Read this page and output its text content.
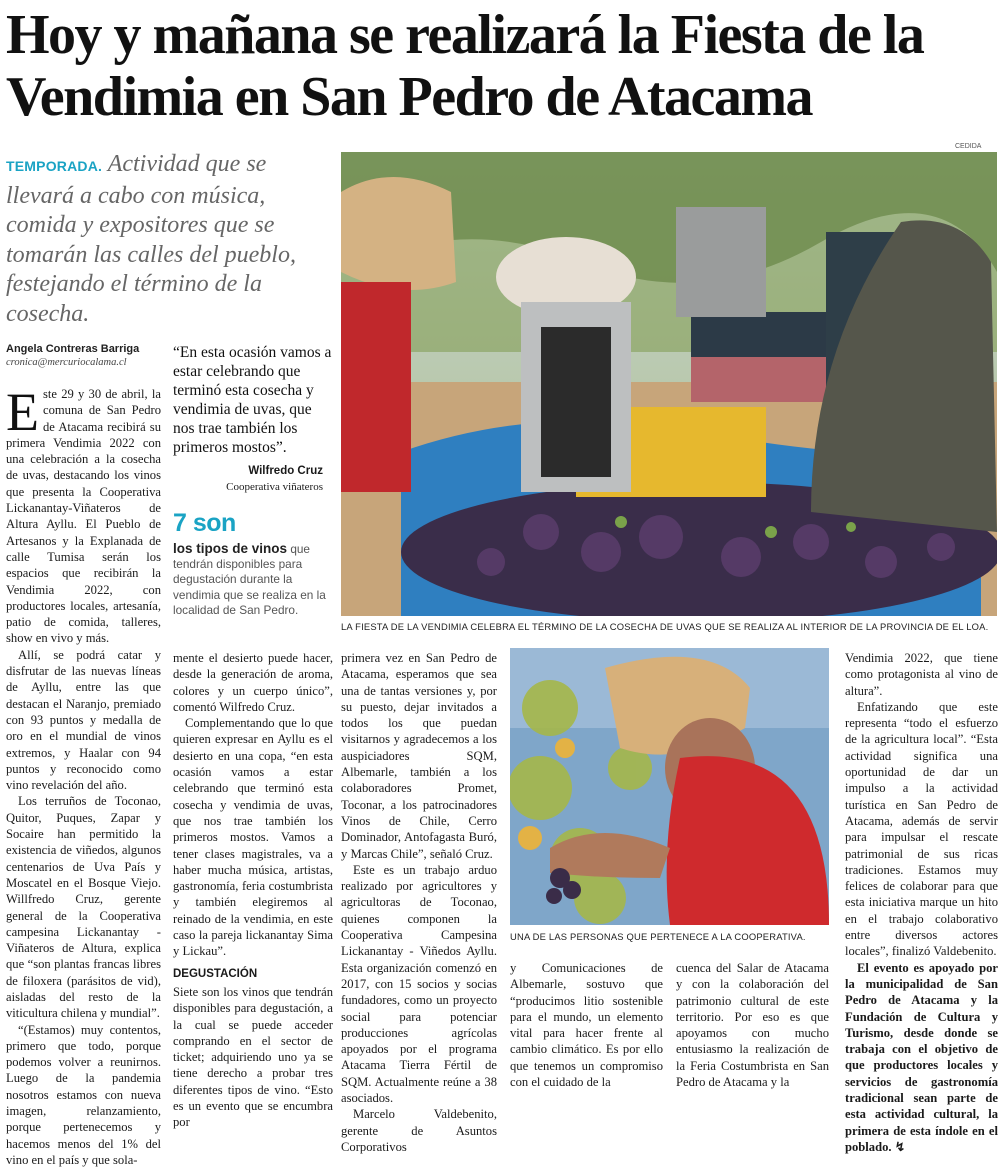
Hoy y mañana se realizará la Fiesta de la Vendimia en San Pedro de Atacama
TEMPORADA. Actividad que se llevará a cabo con música, comida y expositores que se tomarán las calles del pueblo, festejando el término de la cosecha.
Angela Contreras Barriga
cronica@mercuriocalama.cl

Este 29 y 30 de abril, la comuna de San Pedro de Atacama recibirá su primera Vendimia 2022 con una celebración a la cosecha de uvas, destacando los vinos que presenta la Cooperativa Lickanantay-Viñateros de Altura Ayllu. El Pueblo de Artesanos y la Explanada de calle Tumisa serán los espacios que recibirán la Vendimia 2022, con productores locales, artesanía, patio de comida, talleres, show en vivo y más.

Allí, se podrá catar y disfrutar de las nuevas líneas de Ayllu, entre las que destacan el Naranjo, premiado con 93 puntos y medalla de oro en el mundial de vinos extremos, y Haalar con 94 puntos y reconocido como vino revelación del año.

Los terruños de Toconao, Quitor, Puques, Zapar y Socaire han permitido la existencia de viñedos, algunos centenarios de Uva País y Moscatel en el Bosque Viejo. Willfredo Cruz, gerente general de la Cooperativa campesina Lickanantay - Viñateros de Altura, explica que “son plantas francas libres de filoxera (parásitos de vid), aisladas del resto de la viticultura chilena y mundial”.

“(Estamos) muy contentos, primero que todo, porque podemos volver a reunirnos. Luego de la pandemia nosotros estamos con nueva imagen, relanzamiento, porque pertenecemos y hacemos menos del 1% del vino en el país y que sola-

“En esta ocasión vamos a estar celebrando que terminó esta cosecha y vendimia de uvas, que nos trae también los primeros mostos”.
Wilfredo Cruz
Cooperativa viñateros
7 son
los tipos de vinos que tendrán disponibles para degustación durante la vendimia que se realiza en la localidad de San Pedro.
CEDIDA
LA FIESTA DE LA VENDIMIA CELEBRA EL TÉRMINO DE LA COSECHA DE UVAS QUE SE REALIZA AL INTERIOR DE LA PROVINCIA DE EL LOA.
UNA DE LAS PERSONAS QUE PERTENECE A LA COOPERATIVA.

mente el desierto puede hacer, desde la generación de aroma, colores y un cuerpo único”, comentó Wilfredo Cruz.

Complementando que lo que quieren expresar en Ayllu es el desierto en una copa, “en esta ocasión vamos a estar celebrando que terminó esta cosecha y vendimia de uvas, que nos trae también los primeros mostos. Vamos a tener clases magistrales, va a haber mucha música, artistas, gastronomía, feria costumbrista y también elegiremos al reinado de la vendimia, en este caso la pareja lickanantay Sima y Lickau”.

DEGUSTACIÓN

Siete son los vinos que tendrán disponibles para degustación, a la cual se puede acceder comprando en el sector de ticket; adquiriendo uno ya se tiene derecho a probar tres diferentes tipos de vino. “Esto es un evento que se encumbra por

primera vez en San Pedro de Atacama, esperamos que sea una de tantas versiones y, por su puesto, dejar invitados a todos los que puedan visitarnos y agradecemos a los auspiciadores SQM, Albemarle, también a los colaboradores Promet, Toconar, a los patrocinadores Vinos de Chile, Cerro Dominador, Antofagasta Buró, y Marcas Chile”, señaló Cruz.

Este es un trabajo arduo realizado por agricultores y agricultoras de Toconao, quienes componen la Cooperativa Campesina Lickanantay - Viñedos Ayllu. Esta organización comenzó en 2017, con 15 socios y socias fundadores, como un proyecto social para potenciar producciones agrícolas apoyados por el programa Atacama Tierra Fértil de SQM. Actualmente reúne a 38 asociados.

Marcelo Valdebenito, gerente de Asuntos Corporativos

y Comunicaciones de Albemarle, sostuvo que “producimos litio sostenible para el mundo, un elemento vital para hacer frente al cambio climático. Es por ello que tenemos un compromiso con el cuidado de la

cuenca del Salar de Atacama y con la colaboración del patrimonio cultural de este territorio. Por eso es que apoyamos con mucho entusiasmo la realización de la Feria Costumbrista en San Pedro de Atacama y la

Vendimia 2022, que tiene como protagonista al vino de altura”.

Enfatizando que este representa “todo el esfuerzo de la agricultura local”. “Esta actividad significa una oportunidad de dar un impulso a la actividad turística en San Pedro de Atacama, además de servir para impulsar el rescate patrimonial de sus ricas tradiciones. Estamos muy felices de colaborar para que esta iniciativa marque un hito en el trabajo colaborativo entre diversos actores locales”, finalizó Valdebenito.

El evento es apoyado por la municipalidad de San Pedro de Atacama y la Fundación de Cultura y Turismo, desde donde se trabaja con el objetivo de que productores locales y servicios de gastronomía tradicional sean parte de esta actividad cultural, la primera de esta índole en el poblado. ↯
